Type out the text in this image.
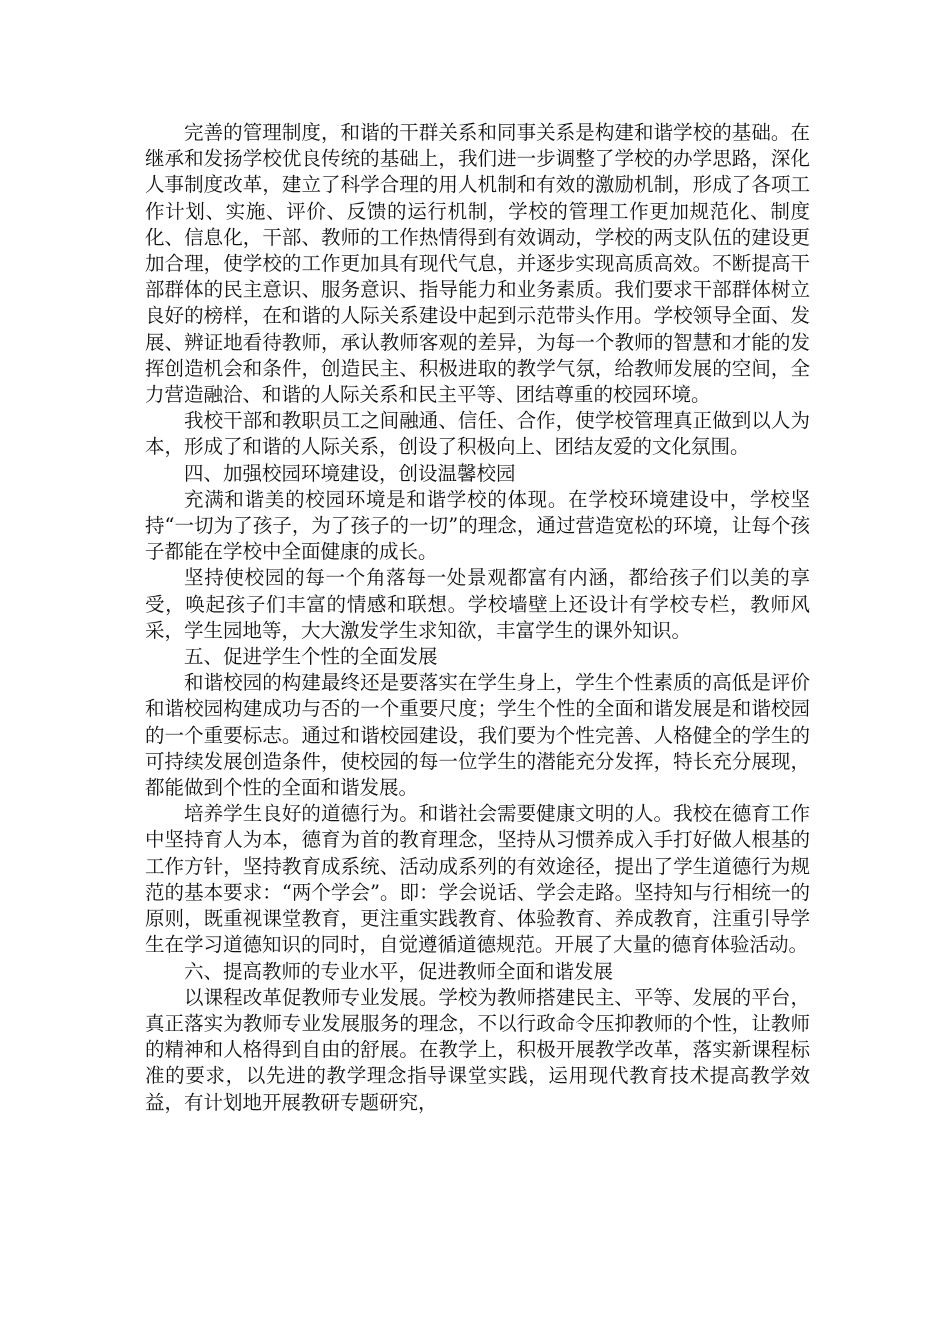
完善的管理制度，和谐的干群关系和同事关系是构建和谐学校的基础。在继承和发扬学校优良传统的基础上，我们进一步调整了学校的办学思路，深化人事制度改革，建立了科学合理的用人机制和有效的激励机制，形成了各项工作计划、实施、评价、反馈的运行机制，学校的管理工作更加规范化、制度化、信息化，干部、教师的工作热情得到有效调动，学校的两支队伍的建设更加合理，使学校的工作更加具有现代气息，并逐步实现高质高效。不断提高干部群体的民主意识、服务意识、指导能力和业务素质。我们要求干部群体树立良好的榜样，在和谐的人际关系建设中起到示范带头作用。学校领导全面、发展、辨证地看待教师，承认教师客观的差异，为每一个教师的智慧和才能的发挥创造机会和条件，创造民主、积极进取的教学气氛，给教师发展的空间，全力营造融洽、和谐的人际关系和民主平等、团结尊重的校园环境。

我校干部和教职员工之间融通、信任、合作，使学校管理真正做到以人为本，形成了和谐的人际关系，创设了积极向上、团结友爱的文化氛围。

四、加强校园环境建设，创设温馨校园

充满和谐美的校园环境是和谐学校的体现。在学校环境建设中，学校坚持“一切为了孩子，为了孩子的一切”的理念，通过营造宽松的环境，让每个孩子都能在学校中全面健康的成长。

坚持使校园的每一个角落每一处景观都富有内涵，都给孩子们以美的享受，唤起孩子们丰富的情感和联想。学校墙壁上还设计有学校专栏，教师风采，学生园地等，大大激发学生求知欲，丰富学生的课外知识。

五、促进学生个性的全面发展

和谐校园的构建最终还是要落实在学生身上，学生个性素质的高低是评价和谐校园构建成功与否的一个重要尺度；学生个性的全面和谐发展是和谐校园的一个重要标志。通过和谐校园建设，我们要为个性完善、人格健全的学生的可持续发展创造条件，使校园的每一位学生的潜能充分发挥，特长充分展现，都能做到个性的全面和谐发展。

培养学生良好的道德行为。和谐社会需要健康文明的人。我校在德育工作中坚持育人为本，德育为首的教育理念，坚持从习惯养成入手打好做人根基的工作方针，坚持教育成系统、活动成系列的有效途径，提出了学生道德行为规范的基本要求：“两个学会”。即：学会说话、学会走路。坚持知与行相统一的原则，既重视课堂教育，更注重实践教育、体验教育、养成教育，注重引导学生在学习道德知识的同时，自觉遵循道德规范。开展了大量的德育体验活动。

六、提高教师的专业水平，促进教师全面和谐发展

以课程改革促教师专业发展。学校为教师搭建民主、平等、发展的平台，真正落实为教师专业发展服务的理念，不以行政命令压抑教师的个性，让教师的精神和人格得到自由的舒展。在教学上，积极开展教学改革，落实新课程标准的要求，以先进的教学理念指导课堂实践，运用现代教育技术提高教学效益，有计划地开展教研专题研究，
